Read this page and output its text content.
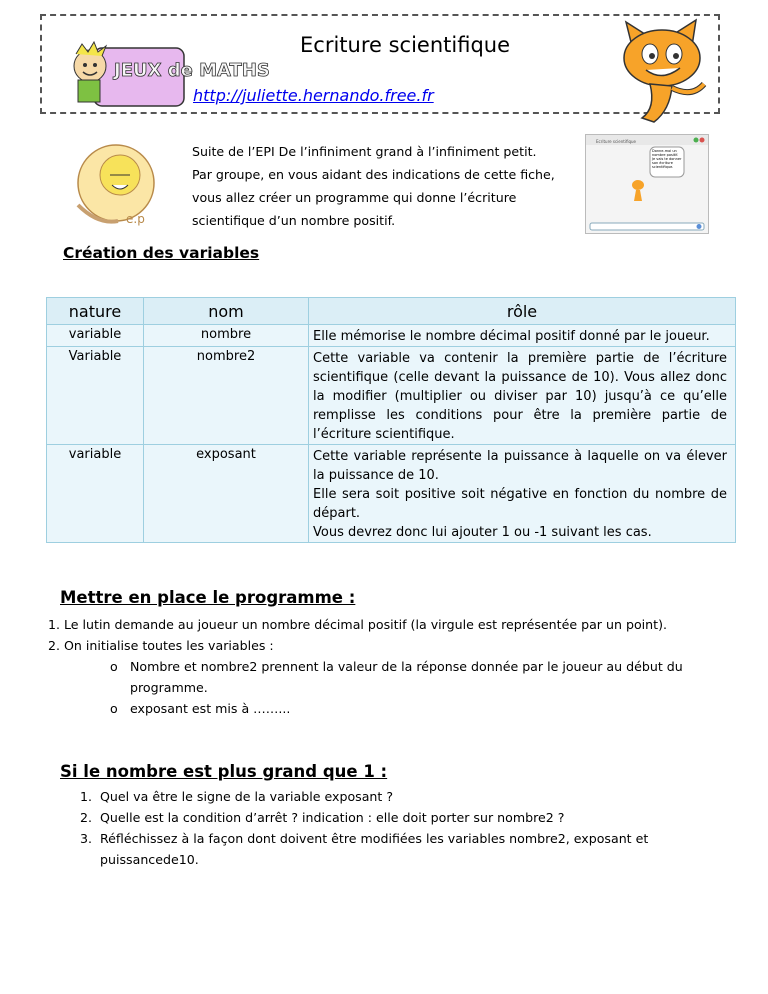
JEUX de MATHS
Ecriture scientifique
http://juliette.hernando.free.fr
e.p

Suite de l’EPI De l’infiniment grand à l’infiniment petit.

Par groupe, en vous aidant des indications de cette fiche,

vous allez créer un programme qui donne l’écriture

scientifique d’un nombre positif.

Ecriture scientifique
Donne-moi un nombre positif. Je vais te donner son écriture scientifique.
Création des variables
nature	nom	rôle
variable	nombre	Elle mémorise le nombre décimal positif donné par le joueur.
Variable	nombre2	Cette variable va contenir la première partie de l’écriture scientifique (celle devant la puissance de 10). Vous allez donc la modifier (multiplier ou diviser par 10) jusqu’à ce qu’elle remplisse les conditions pour être la première partie de l’écriture scientifique.
variable	exposant	Cette variable représente la puissance à laquelle on va élever la puissance de 10.
Elle sera soit positive soit négative en fonction du nombre de départ.
Vous devrez donc lui ajouter 1 ou -1 suivant les cas.
Mettre en place le programme :
1. Le lutin demande au joueur un nombre décimal positif (la virgule est représentée par un point).
2. On initialise toutes les variables :
o Nombre et nombre2 prennent la valeur de la réponse donnée par le joueur au début du programme.
o exposant est mis à ……...
Si le nombre est plus grand que 1 :
1. Quel va être le signe de la variable exposant ?
2. Quelle est la condition d’arrêt ? indication : elle doit porter sur nombre2 ?
3. Réfléchissez à la façon dont doivent être modifiées les variables nombre2, exposant et puissancede10.
